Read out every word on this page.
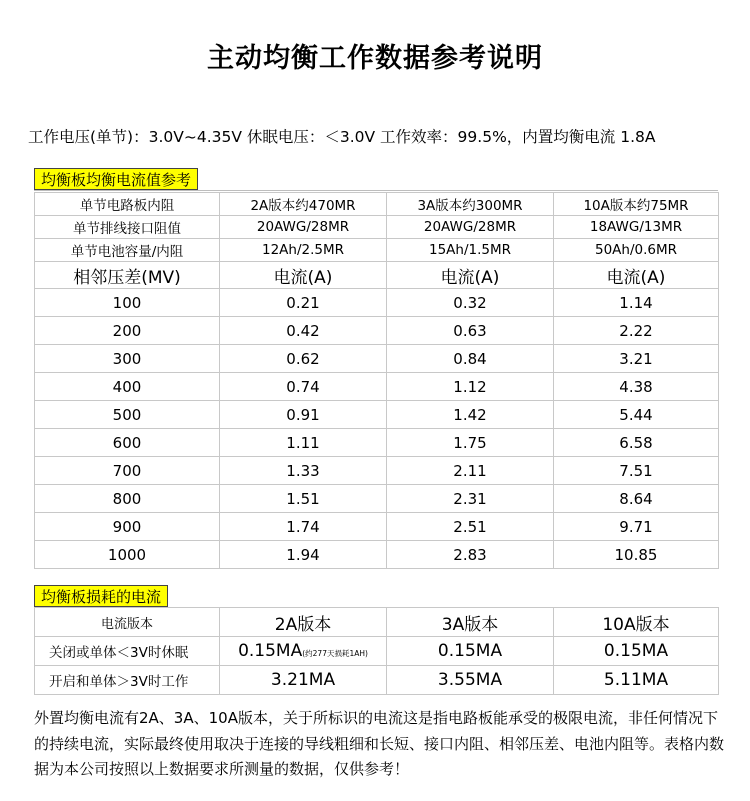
主动均衡工作数据参考说明
工作电压(单节)：3.0V~4.35V 休眠电压：＜3.0V 工作效率：99.5%，内置均衡电流 1.8A
均衡板均衡电流值参考
单节电路板内阻	2A版本约470MR	3A版本约300MR	10A版本约75MR
单节排线接口阻值	20AWG/28MR	20AWG/28MR	18AWG/13MR
单节电池容量/内阻	12Ah/2.5MR	15Ah/1.5MR	50Ah/0.6MR
相邻压差(MV)	电流(A)	电流(A)	电流(A)
100	0.21	0.32	1.14
200	0.42	0.63	2.22
300	0.62	0.84	3.21
400	0.74	1.12	4.38
500	0.91	1.42	5.44
600	1.11	1.75	6.58
700	1.33	2.11	7.51
800	1.51	2.31	8.64
900	1.74	2.51	9.71
1000	1.94	2.83	10.85
均衡板损耗的电流
电流版本	2A版本	3A版本	10A版本
关闭或单体＜3V时休眠	0.15MA(约277天损耗1AH)	0.15MA	0.15MA
开启和单体＞3V时工作	3.21MA	3.55MA	5.11MA
外置均衡电流有2A、3A、10A版本，关于所标识的电流这是指电路板能承受的极限电流，非任何情况下的持续电流，实际最终使用取决于连接的导线粗细和长短、接口内阻、相邻压差、电池内阻等。表格内数据为本公司按照以上数据要求所测量的数据，仅供参考！
